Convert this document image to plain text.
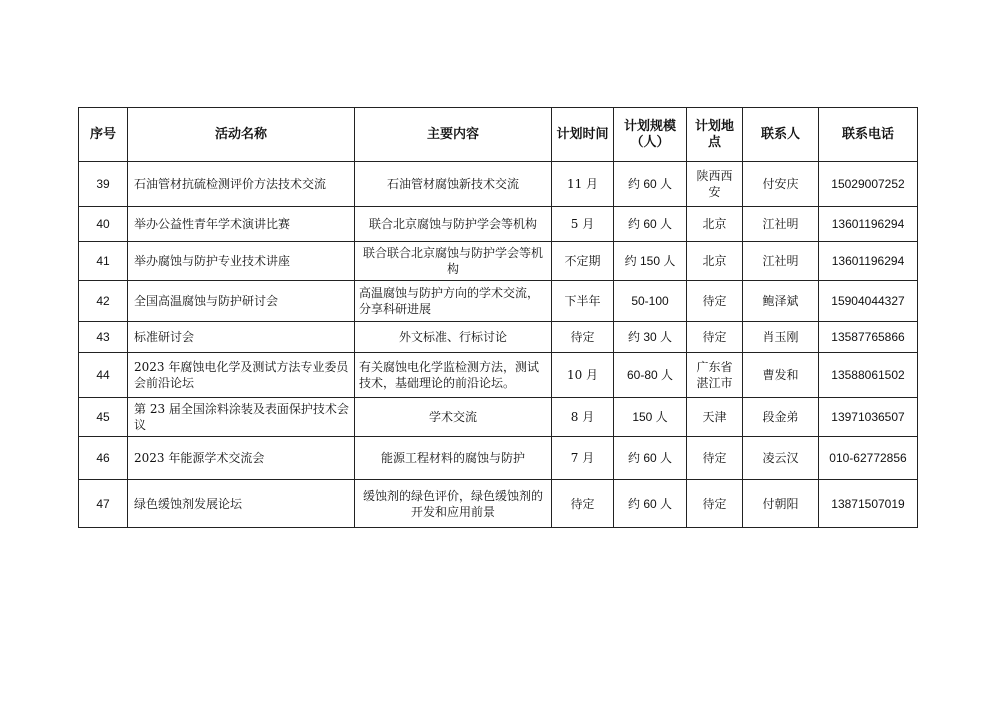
序号	活动名称	主要内容	计划时间	计划规模（人）	计划地点	联系人	联系电话
39	石油管材抗硫检测评价方法技术交流	石油管材腐蚀新技术交流	11 月	约 60 人	陕西西安	付安庆	15029007252
40	举办公益性青年学术演讲比赛	联合北京腐蚀与防护学会等机构	5 月	约 60 人	北京	江社明	13601196294
41	举办腐蚀与防护专业技术讲座	联合联合北京腐蚀与防护学会等机构	不定期	约 150 人	北京	江社明	13601196294
42	全国高温腐蚀与防护研讨会	高温腐蚀与防护方向的学术交流，分享科研进展	下半年	50-100	待定	鲍泽斌	15904044327
43	标准研讨会	外文标准、行标讨论	待定	约 30 人	待定	肖玉刚	13587765866
44	2023 年腐蚀电化学及测试方法专业委员会前沿论坛	有关腐蚀电化学监检测方法，测试技术，基础理论的前沿论坛。	10 月	60-80 人	广东省湛江市	曹发和	13588061502
45	第 23 届全国涂料涂装及表面保护技术会议	学术交流	8 月	150 人	天津	段金弟	13971036507
46	2023 年能源学术交流会	能源工程材料的腐蚀与防护	7 月	约 60 人	待定	凌云汉	010-62772856
47	绿色缓蚀剂发展论坛	缓蚀剂的绿色评价，绿色缓蚀剂的开发和应用前景	待定	约 60 人	待定	付朝阳	13871507019
